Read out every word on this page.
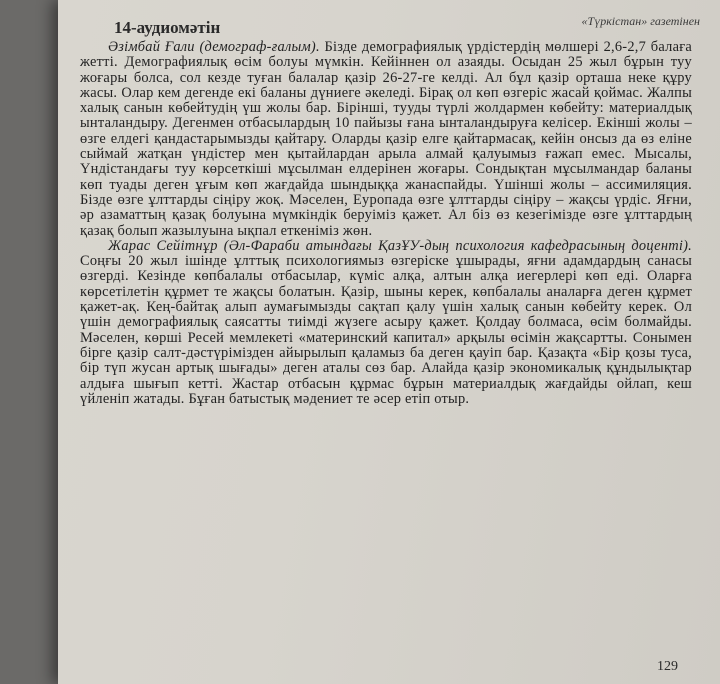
14-аудиомәтін	«Түркістан» газетінен

Әзімбай Ғали (демограф-ғалым). Бізде демографиялық үрдістердің мөлшері 2,6-2,7 балаға жетті. Демографиялық өсім болуы мүмкін. Кейіннен ол азаяды. Осыдан 25 жыл бұрын туу жоғары болса, сол кезде туған балалар қазір 26-27-ге келді. Ал бұл қазір орташа неке құру жасы. Олар кем дегенде екі баланы дүниеге әкеледі. Бірақ ол көп өзгеріс жасай қоймас. Жалпы халық санын көбейтудің үш жолы бар. Біріншi, тууды түрлі жолдармен көбейту: материалдық ынталандыру. Дегенмен отбасылардың 10 пайызы ғана ынталандыруға келісер. Екінші жолы – өзге елдегі қандастарымызды қайтару. Оларды қазір елге қайтармасақ, кейін онсыз да өз еліне сыймай жатқан үндістер мен қытайлардан арыла алмай қалуымыз ғажап емес. Мысалы, Үндістандағы туу көрсеткіші мұсылман елдерінен жоғары. Сондықтан мұсылмандар баланы көп туады деген ұғым көп жағдайда шындыққа жанаспайды. Үшінші жолы – ассимиляция. Бізде өзге ұлттарды сіңіру жоқ. Мәселен, Еуропада өзге ұлттарды сіңіру – жақсы үрдіс. Яғни, әр азаматтың қазақ болуына мүмкіндік беруіміз қажет. Ал біз өз кезегімізде өзге ұлттардың қазақ болып жазылуына ықпал еткеніміз жөн.

Жарас Сейітнұр (Әл-Фараби атындағы ҚазҰУ-дың психология кафедрасының доценті). Соңғы 20 жыл ішінде ұлттық психологиямыз өзгеріске ұшырады, яғни адамдардың санасы өзгерді. Кезінде көпбалалы отбасылар, күміс алқа, алтын алқа иегерлері көп еді. Оларға көрсетілетін құрмет те жақсы болатын. Қазір, шыны керек, көпбалалы аналарға деген құрмет қажет-ақ. Кең-байтақ алып аумағымызды сақтап қалу үшін халық санын көбейту керек. Ол үшін демографиялық саясатты тиімді жүзеге асыру қажет. Қолдау болмаса, өсім болмайды. Мәселен, көрші Ресей мемлекеті «материнский капитал» арқылы өсімін жақсартты. Сонымен бірге қазір салт-дәстүрімізден айырылып қаламыз ба деген қауіп бар. Қазақта «Бір қозы туса, бір түп жусан артық шығады» деген аталы сөз бар. Алайда қазір экономикалық құндылықтар алдыға шығып кетті. Жастар отбасын құрмас бұрын материалдық жағдайды ойлап, кеш үйленіп жатады. Бұған батыстық мәдениет те әсер етіп отыр.

129
